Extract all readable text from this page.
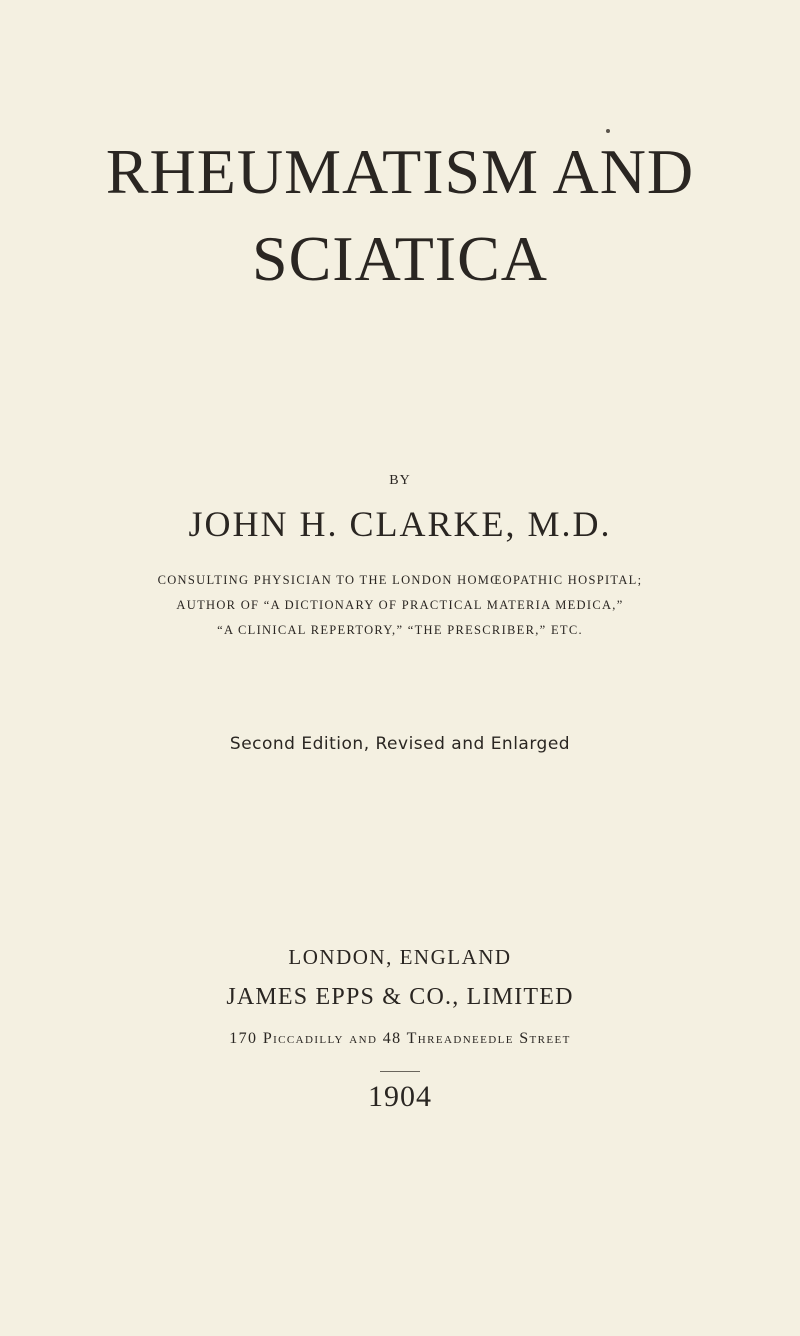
RHEUMATISM AND
SCIATICA
BY
JOHN H. CLARKE, M.D.
CONSULTING PHYSICIAN TO THE LONDON HOMŒOPATHIC HOSPITAL;
AUTHOR OF “A DICTIONARY OF PRACTICAL MATERIA MEDICA,”
“A CLINICAL REPERTORY,” “THE PRESCRIBER,” ETC.
Second Edition, Revised and Enlarged
LONDON, ENGLAND
JAMES EPPS & CO., LIMITED
170 Piccadilly and 48 Threadneedle Street
1904
